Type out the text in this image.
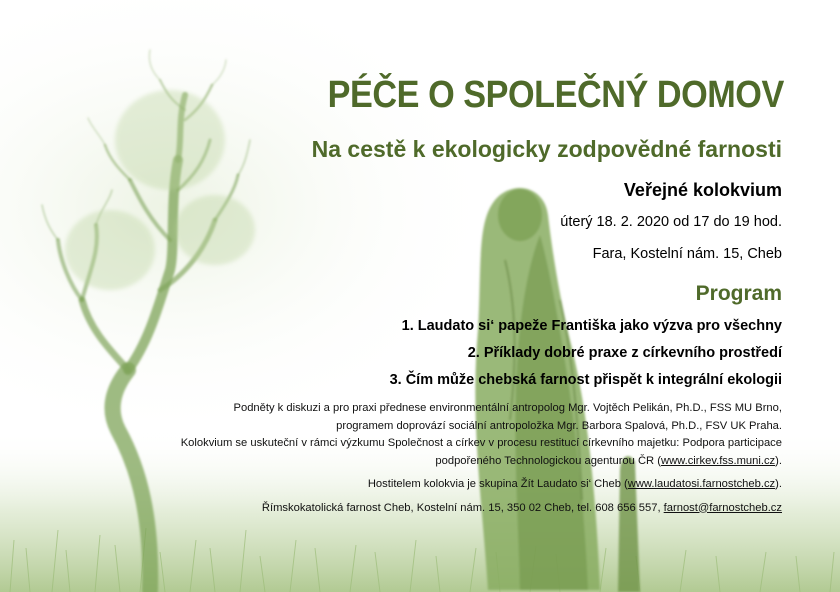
PÉČE O SPOLEČNÝ DOMOV
Na cestě k ekologicky zodpovědné farnosti
Veřejné kolokvium
úterý 18. 2. 2020 od 17 do 19 hod.
Fara, Kostelní nám. 15, Cheb
Program
1. Laudato si‘ papeže Františka jako výzva pro všechny
2. Příklady dobré praxe z církevního prostředí
3. Čím může chebská farnost přispět k integrální ekologii

Podněty k diskuzi a pro praxi přednese environmentální antropolog Mgr. Vojtěch Pelikán, Ph.D., FSS MU Brno,

programem doprovází sociální antropoložka Mgr. Barbora Spalová, Ph.D., FSV UK Praha.

Kolokvium se uskuteční v rámci výzkumu Společnost a církev v procesu restitucí církevního majetku: Podpora participace

podpořeného Technologickou agenturou ČR (www.cirkev.fss.muni.cz).

Hostitelem kolokvia je skupina Žít Laudato si‘ Cheb (www.laudatosi.farnostcheb.cz).

Římskokatolická farnost Cheb, Kostelní nám. 15, 350 02 Cheb, tel. 608 656 557, farnost@farnostcheb.cz
